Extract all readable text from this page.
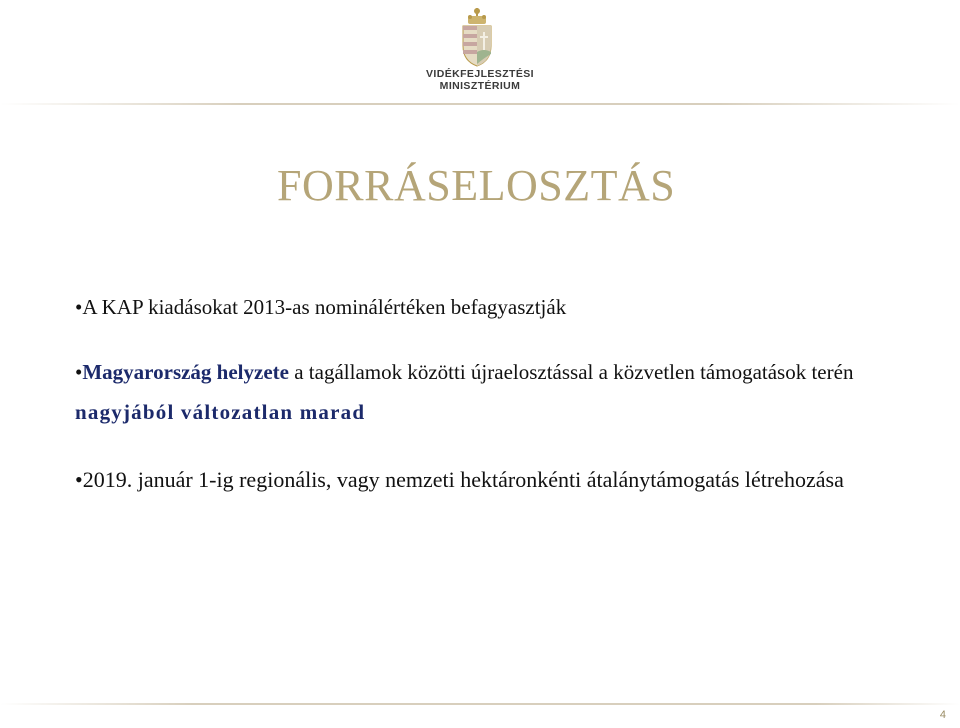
VIDÉKFEJLESZTÉSI
MINISZTÉRIUM
FORRÁSELOSZTÁS

•A KAP kiadásokat 2013-as nominálértéken befagyasztják

•Magyarország helyzete a tagállamok közötti újraelosztással a közvetlen támogatások terén nagyjából változatlan marad

•2019. január 1-ig regionális, vagy nemzeti hektáronkénti átalánytámogatás létrehozása

4
